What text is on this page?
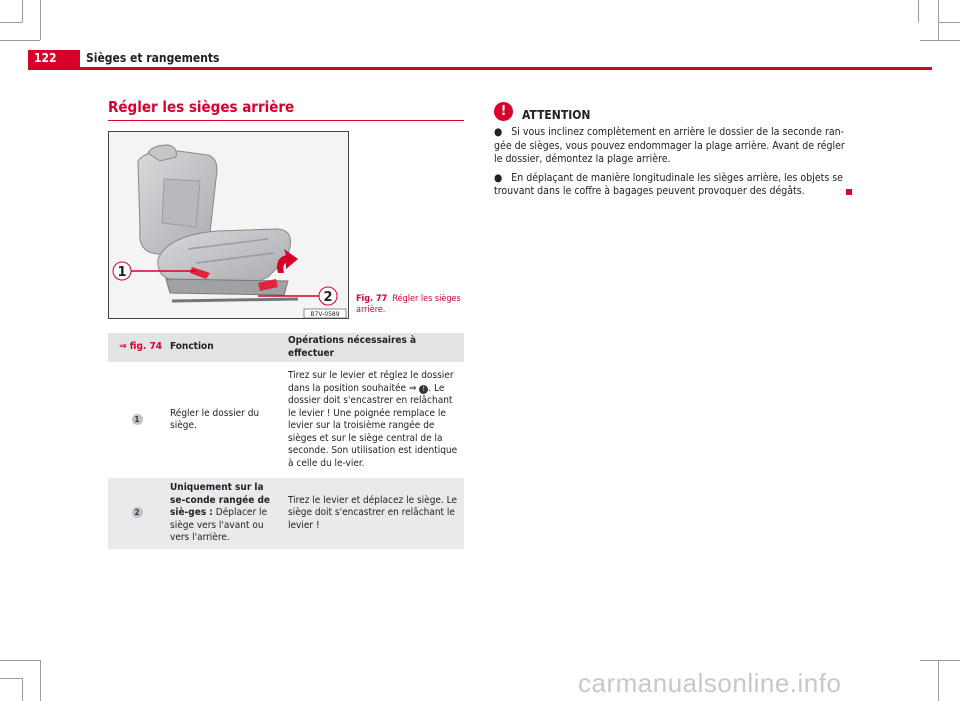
122 Sièges et rangements
Régler les sièges arrière
1
2
B7V-0589
Fig. 77 Régler les sièges arrière.
⇒ fig. 74	Fonction	Opérations nécessaires à effectuer
1	Régler le dossier du siège.	Tirez sur le levier et réglez le dossier dans la position souhaitée ⇒ ! . Le dossier doit s'encastrer en relâchant le levier ! Une poignée remplace le levier sur la troisième rangée de sièges et sur le siège central de la seconde. Son utilisation est identique à celle du le-vier.
2	Uniquement sur la se-conde rangée de siè-ges : Déplacer le siège vers l'avant ou vers l'arrière.	Tirez le levier et déplacez le siège. Le siège doit s'encastrer en relâchant le levier !
!	ATTENTION

● Si vous inclinez complètement en arrière le dossier de la seconde ran-gée de sièges, vous pouvez endommager la plage arrière. Avant de régler le dossier, démontez la plage arrière.

● En déplaçant de manière longitudinale les sièges arrière, les objets se trouvant dans le coffre à bagages peuvent provoquer des dégâts.

carmanualsonline.info
